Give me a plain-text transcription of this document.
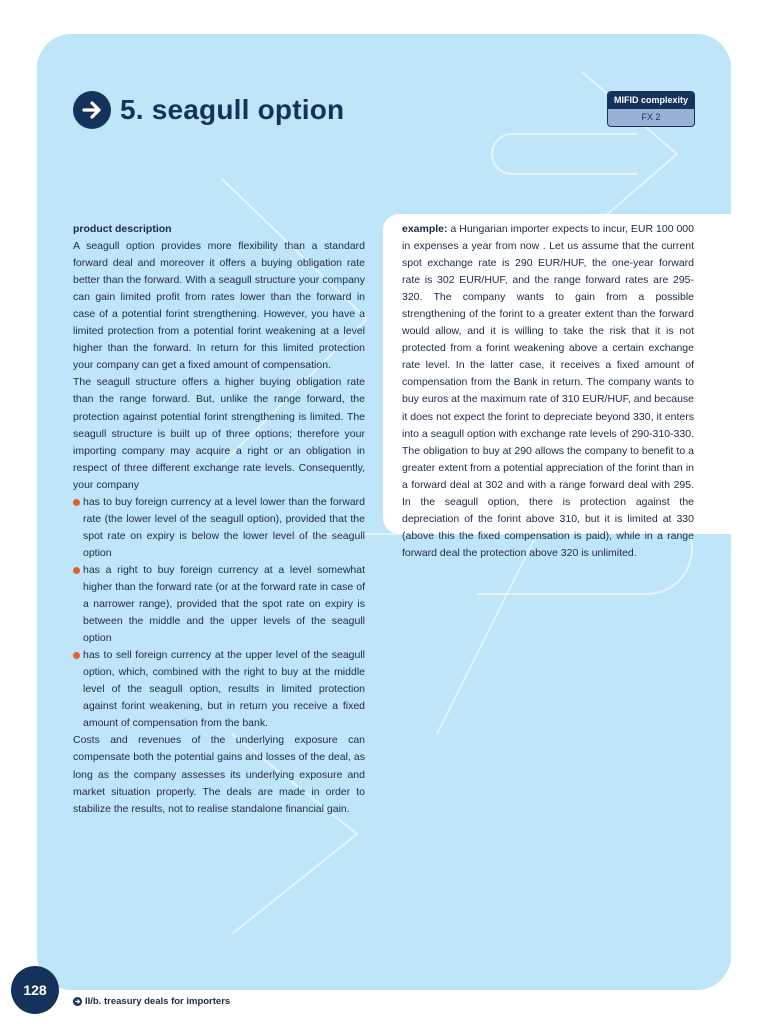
5. seagull option	MIFID complexity
FX 2

product description

A seagull option provides more flexibility than a standard forward deal and moreover it offers a buying obligation rate better than the forward. With a seagull structure your company can gain limited profit from rates lower than the forward in case of a potential forint strengthening. However, you have a limited protection from a potential forint weakening at a level higher than the forward. In return for this limited protection your company can get a fixed amount of compensation.

The seagull structure offers a higher buying obligation rate than the range forward. But, unlike the range forward, the protection against potential forint strengthening is limited. The seagull structure is built up of three options; therefore your importing company may acquire a right or an obligation in respect of three different exchange rate levels. Consequently, your company

has to buy foreign currency at a level lower than the forward rate (the lower level of the seagull option), provided that the spot rate on expiry is below the lower level of the seagull option
has a right to buy foreign currency at a level somewhat higher than the forward rate (or at the forward rate in case of a narrower range), provided that the spot rate on expiry is between the middle and the upper levels of the seagull option
has to sell foreign currency at the upper level of the seagull option, which, combined with the right to buy at the middle level of the seagull option, results in limited protection against forint weakening, but in return you receive a fixed amount of compensation from the bank.

Costs and revenues of the underlying exposure can compensate both the potential gains and losses of the deal, as long as the company assesses its underlying exposure and market situation properly. The deals are made in order to stabilize the results, not to realise standalone financial gain.

example: a Hungarian importer expects to incur, EUR 100 000 in expenses a year from now . Let us assume that the current spot exchange rate is 290 EUR/HUF, the one-year forward rate is 302 EUR/HUF, and the range forward rates are 295-320. The company wants to gain from a possible strengthening of the forint to a greater extent than the forward would allow, and it is willing to take the risk that it is not protected from a forint weakening above a certain exchange rate level. In the latter case, it receives a fixed amount of compensation from the Bank in return. The company wants to buy euros at the maximum rate of 310 EUR/HUF, and because it does not expect the forint to depreciate beyond 330, it enters into a seagull option with exchange rate levels of 290-310-330. The obligation to buy at 290 allows the company to benefit to a greater extent from a potential appreciation of the forint than in a forward deal at 302 and with a range forward deal with 295. In the seagull option, there is protection against the depreciation of the forint above 310, but it is limited at 330 (above this the fixed compensation is paid), while in a range forward deal the protection above 320 is unlimited.
128
II/b. treasury deals for importers
